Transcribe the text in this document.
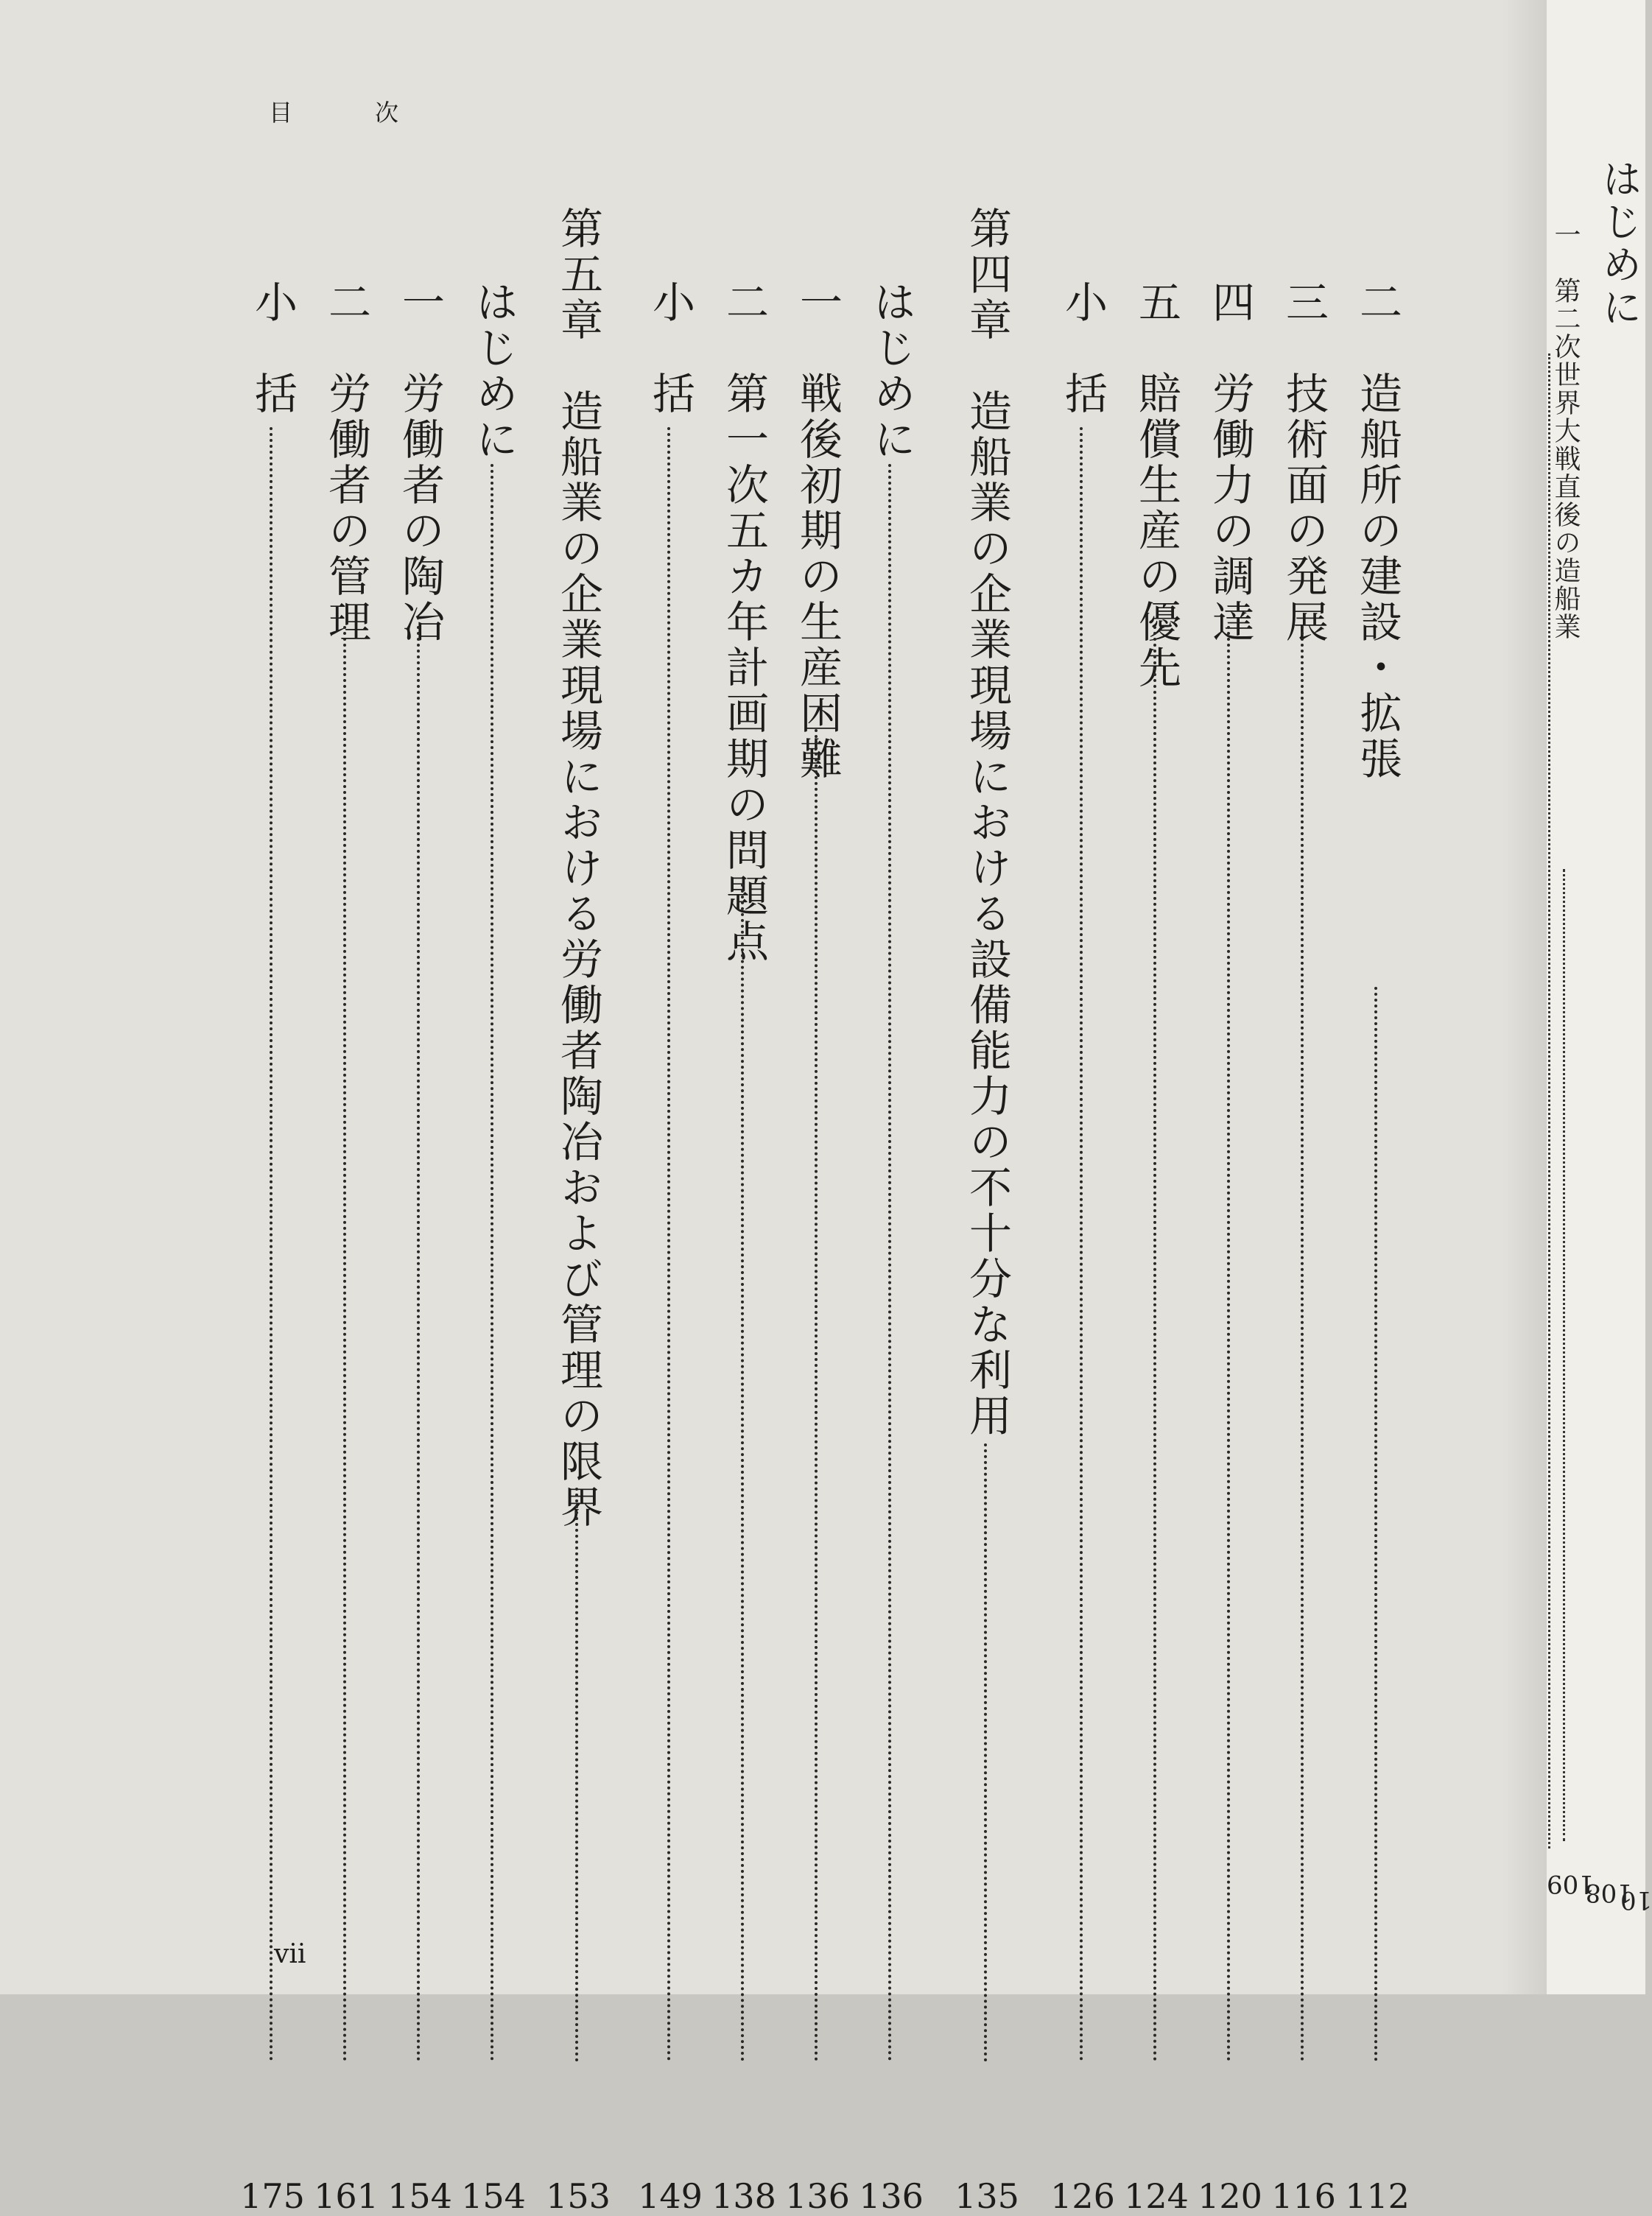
目　次
二　造船所の建設・拡張
112
三　技術面の発展
116
四　労働力の調達
120
五　賠償生産の優先
124
小　括
126
第四章　造船業の企業現場における設備能力の不十分な利用
135
はじめに
136
一　戦後初期の生産困難
136
二　第一次五カ年計画期の問題点
138
小　括
149
第五章　造船業の企業現場における労働者陶冶および管理の限界
153
はじめに
154
一　労働者の陶冶
154
二　労働者の管理
161
小　括
175
vii
はじめに
一　第二次世界大戦直後の造船業
109
108
10
